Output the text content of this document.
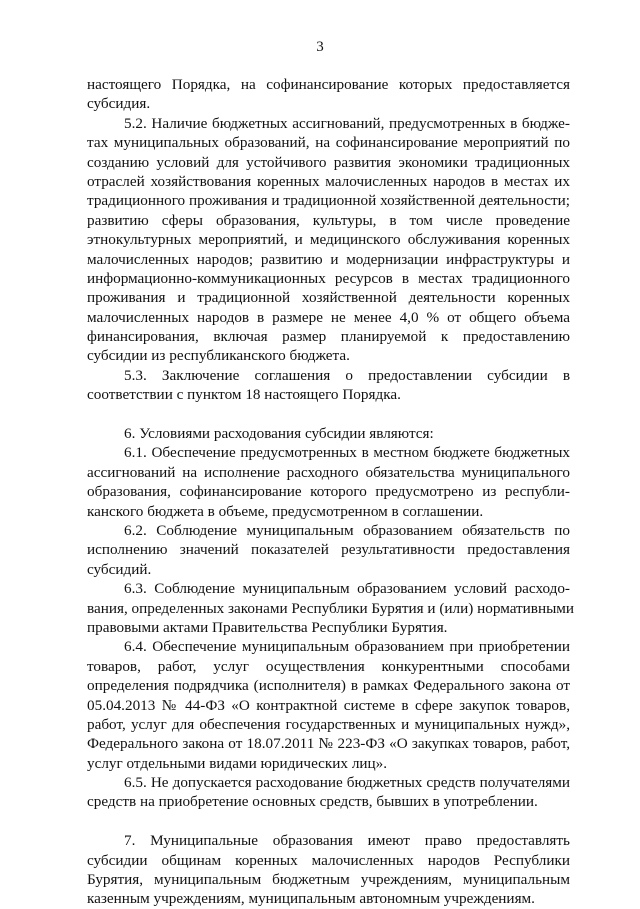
3
настоящего Порядка, на софинансирование которых предоставляется
субсидия.
5.2. Наличие бюджетных ассигнований, предусмотренных в бюдже-
тах муниципальных образований, на софинансирование мероприятий по
созданию условий для устойчивого развития экономики традиционных
отраслей хозяйствования коренных малочисленных народов в местах их
традиционного проживания и традиционной хозяйственной деятельности;
развитию сферы образования, культуры, в том числе проведение
этнокультурных мероприятий, и медицинского обслуживания коренных
малочисленных народов; развитию и модернизации инфраструктуры и
информационно-коммуникационных ресурсов в местах традиционного
проживания и традиционной хозяйственной деятельности коренных
малочисленных народов в размере не менее 4,0 % от общего объема
финансирования, включая размер планируемой к предоставлению
субсидии из республиканского бюджета.
5.3. Заключение соглашения о предоставлении субсидии в
соответствии с пунктом 18 настоящего Порядка.
6. Условиями расходования субсидии являются:
6.1. Обеспечение предусмотренных в местном бюджете бюджетных
ассигнований на исполнение расходного обязательства муниципального
образования, софинансирование которого предусмотрено из республи-
канского бюджета в объеме, предусмотренном в соглашении.
6.2. Соблюдение муниципальным образованием обязательств по
исполнению значений показателей результативности предоставления
субсидий.
6.3. Соблюдение муниципальным образованием условий расходо-
вания, определенных законами Республики Бурятия и (или) нормативными
правовыми актами Правительства Республики Бурятия.
6.4. Обеспечение муниципальным образованием при приобретении
товаров, работ, услуг осуществления конкурентными способами
определения подрядчика (исполнителя) в рамках Федерального закона от
05.04.2013 № 44-ФЗ «О контрактной системе в сфере закупок товаров,
работ, услуг для обеспечения государственных и муниципальных нужд»,
Федерального закона от 18.07.2011 № 223-ФЗ «О закупках товаров, работ,
услуг отдельными видами юридических лиц».
6.5. Не допускается расходование бюджетных средств получателями
средств на приобретение основных средств, бывших в употреблении.
7. Муниципальные образования имеют право предоставлять
субсидии общинам коренных малочисленных народов Республики
Бурятия, муниципальным бюджетным учреждениям, муниципальным
казенным учреждениям, муниципальным автономным учреждениям.
